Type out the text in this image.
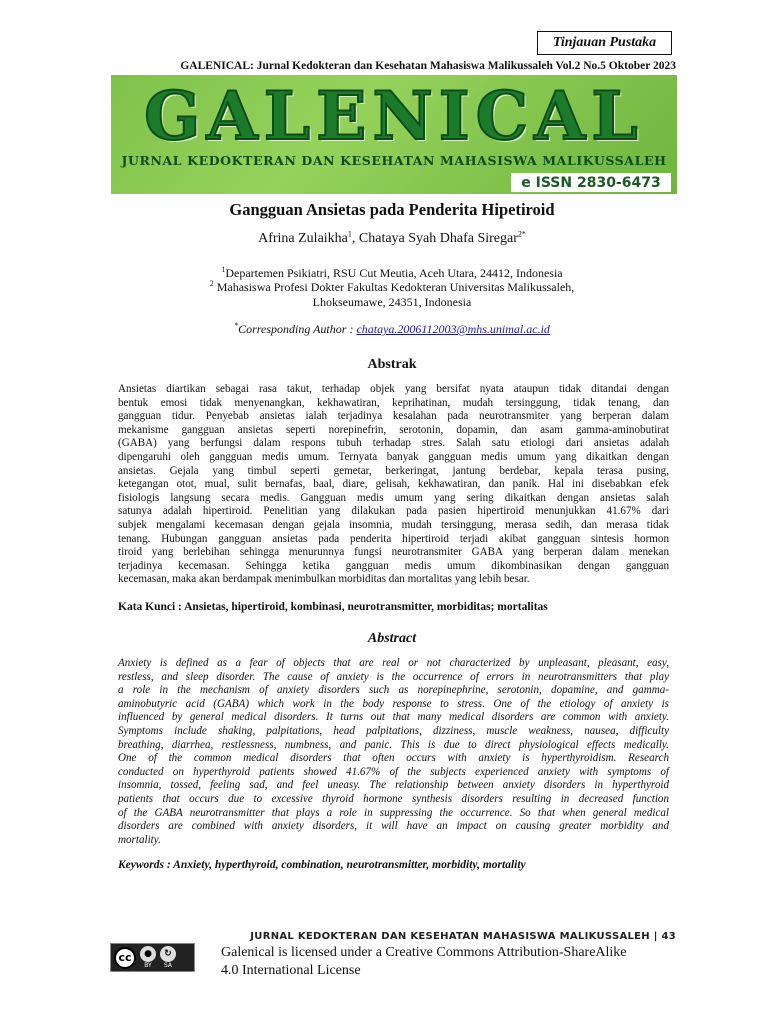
Tinjauan Pustaka
GALENICAL: Jurnal Kedokteran dan Kesehatan Mahasiswa Malikussaleh Vol.2 No.5 Oktober 2023
GALENICAL
JURNAL KEDOKTERAN DAN KESEHATAN MAHASISWA MALIKUSSALEH
e ISSN 2830-6473
Gangguan Ansietas pada Penderita Hipetiroid
Afrina Zulaikha$^1$, Chataya Syah Dhafa Siregar$^{2*}$
$^1$Departemen Psikiatri, RSU Cut Meutia, Aceh Utara, 24412, Indonesia
$^2$ Mahasiswa Profesi Dokter Fakultas Kedokteran Universitas Malikussaleh,
Lhokseumawe, 24351, Indonesia
*Corresponding Author : chataya.2006112003@mhs.unimal.ac.id
Abstrak
Ansietas diartikan sebagai rasa takut, terhadap objek yang bersifat nyata ataupun tidak ditandai dengan
bentuk emosi tidak menyenangkan, kekhawatiran, keprihatinan, mudah tersinggung, tidak tenang, dan
gangguan tidur. Penyebab ansietas ialah terjadinya kesalahan pada neurotransmiter yang berperan dalam
mekanisme gangguan ansietas seperti norepinefrin, serotonin, dopamin, dan asam gamma-aminobutirat
(GABA) yang berfungsi dalam respons tubuh terhadap stres. Salah satu etiologi dari ansietas adalah
dipengaruhi oleh gangguan medis umum. Ternyata banyak gangguan medis umum yang dikaitkan dengan
ansietas. Gejala yang timbul seperti gemetar, berkeringat, jantung berdebar, kepala terasa pusing,
ketegangan otot, mual, sulit bernafas, baal, diare, gelisah, kekhawatiran, dan panik. Hal ini disebabkan efek
fisiologis langsung secara medis. Gangguan medis umum yang sering dikaitkan dengan ansietas salah
satunya adalah hipertiroid. Penelitian yang dilakukan pada pasien hipertiroid menunjukkan 41.67% dari
subjek mengalami kecemasan dengan gejala insomnia, mudah tersinggung, merasa sedih, dan merasa tidak
tenang. Hubungan gangguan ansietas pada penderita hipertiroid terjadi akibat gangguan sintesis hormon
tiroid yang berlebihan sehingga menurunnya fungsi neurotransmiter GABA yang berperan dalam menekan
terjadinya kecemasan. Sehingga ketika gangguan medis umum dikombinasikan dengan gangguan
kecemasan, maka akan berdampak menimbulkan morbiditas dan mortalitas yang lebih besar.
Kata Kunci : Ansietas, hipertiroid, kombinasi, neurotransmitter, morbiditas; mortalitas
Abstract
Anxiety is defined as a fear of objects that are real or not characterized by unpleasant, pleasant, easy,
restless, and sleep disorder. The cause of anxiety is the occurrence of errors in neurotransmitters that play
a role in the mechanism of anxiety disorders such as norepinephrine, serotonin, dopamine, and gamma-
aminobutyric acid (GABA) which work in the body response to stress. One of the etiology of anxiety is
influenced by general medical disorders. It turns out that many medical disorders are common with anxiety.
Symptoms include shaking, palpitations, head palpitations, dizziness, muscle weakness, nausea, difficulty
breathing, diarrhea, restlessness, numbness, and panic. This is due to direct physiological effects medically.
One of the common medical disorders that often occurs with anxiety is hyperthyroidism. Research
conducted on hyperthyroid patients showed 41.67% of the subjects experienced anxiety with symptoms of
insomnia, tossed, feeling sad, and feel uneasy. The relationship between anxiety disorders in hyperthyroid
patients that occurs due to excessive thyroid hormone synthesis disorders resulting in decreased function
of the GABA neurotransmitter that plays a role in suppressing the occurrence. So that when general medical
disorders are combined with anxiety disorders, it will have an impact on causing greater morbidity and
mortality.
Keywords : Anxiety, hyperthyroid, combination, neurotransmitter, morbidity, mortality
JURNAL KEDOKTERAN DAN KESEHATAN MAHASISWA MALIKUSSALEH | 43
cc	●
BY
↻
SA
Galenical is licensed under a Creative Commons Attribution-ShareAlike
4.0 International License
